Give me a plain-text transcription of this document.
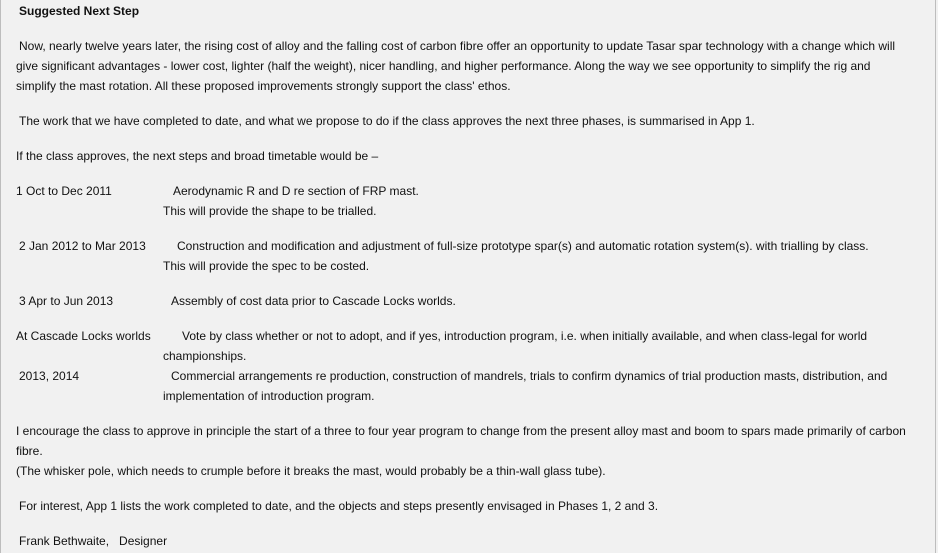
Suggested Next Step
Now, nearly twelve years later, the rising cost of alloy and the falling cost of carbon fibre offer an opportunity to update Tasar spar technology with a change which will
give significant advantages - lower cost, lighter (half the weight), nicer handling, and higher performance. Along the way we see opportunity to simplify the rig and
simplify the mast rotation. All these proposed improvements strongly support the class' ethos.
The work that we have completed to date, and what we propose to do if the class approves the next three phases, is summarised in App 1.
If the class approves, the next steps and broad timetable would be –
1 Oct to Dec 2011	Aerodynamic R and D re section of FRP mast.
This will provide the shape to be trialled.
2 Jan 2012 to Mar 2013	Construction and modification and adjustment of full-size prototype spar(s) and automatic rotation system(s). with trialling by class.
This will provide the spec to be costed.
3 Apr to Jun 2013	Assembly of cost data prior to Cascade Locks worlds.
At Cascade Locks worlds	Vote by class whether or not to adopt, and if yes, introduction program, i.e. when initially available, and when class-legal for world
championships.
2013, 2014	Commercial arrangements re production, construction of mandrels, trials to confirm dynamics of trial production masts, distribution, and
implementation of introduction program.
I encourage the class to approve in principle the start of a three to four year program to change from the present alloy mast and boom to spars made primarily of carbon
fibre.
(The whisker pole, which needs to crumple before it breaks the mast, would probably be a thin-wall glass tube).
For interest, App 1 lists the work completed to date, and the objects and steps presently envisaged in Phases 1, 2 and 3.
Frank Bethwaite,   Designer
